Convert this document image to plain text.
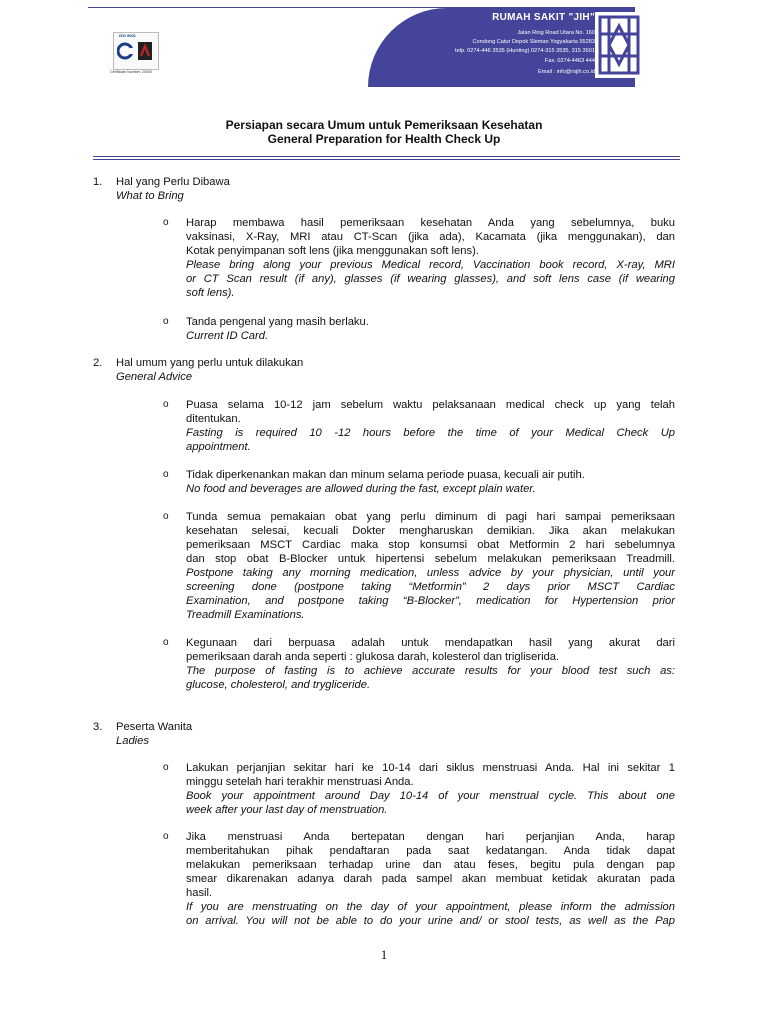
RUMAH SAKIT "JIH"
Jalan Ring Road Utara No. 160
Condong Catur Depok Sleman Yogyakarta 55283
telp. 0274-446 3535 (Hunting) 0274-315 3535, 315 3501
Fax. 0274-4463 444
Email : info@rsjih.co.id
ISO 9001
Certificate Number: 20000
Persiapan secara Umum untuk Pemeriksaan Kesehatan
General Preparation for Health Check Up
1. Hal yang Perlu Dibawa
What to Bring
o Harap membawa hasil pemeriksaan kesehatan Anda yang sebelumnya, buku
vaksinasi, X-Ray, MRI atau CT-Scan (jika ada), Kacamata (jika menggunakan), dan
Kotak penyimpanan soft lens (jika menggunakan soft lens).
Please bring along your previous Medical record, Vaccination book record, X-ray, MRI
or CT Scan result (if any), glasses (if wearing glasses), and soft lens case (if wearing
soft lens).
o Tanda pengenal yang masih berlaku.
Current ID Card.
2. Hal umum yang perlu untuk dilakukan
General Advice
o Puasa selama 10-12 jam sebelum waktu pelaksanaan medical check up yang telah
ditentukan.
Fasting is required 10 -12 hours before the time of your Medical Check Up
appointment.
o Tidak diperkenankan makan dan minum selama periode puasa, kecuali air putih.
No food and beverages are allowed during the fast, except plain water.
o Tunda semua pemakaian obat yang perlu diminum di pagi hari sampai pemeriksaan
kesehatan selesai, kecuali Dokter mengharuskan demikian. Jika akan melakukan
pemeriksaan MSCT Cardiac maka stop konsumsi obat Metformin 2 hari sebelumnya
dan stop obat B-Blocker untuk hipertensi sebelum melakukan pemeriksaan Treadmill.
Postpone taking any morning medication, unless advice by your physician, until your
screening done (postpone taking “Metformin” 2 days prior MSCT Cardiac
Examination, and postpone taking “B-Blocker”, medication for Hypertension prior
Treadmill Examinations.
o Kegunaan dari berpuasa adalah untuk mendapatkan hasil yang akurat dari
pemeriksaan darah anda seperti : glukosa darah, kolesterol dan trigliserida.
The purpose of fasting is to achieve accurate results for your blood test such as:
glucose, cholesterol, and trygliceride.
3. Peserta Wanita
Ladies
o Lakukan perjanjian sekitar hari ke 10-14 dari siklus menstruasi Anda. Hal ini sekitar 1
minggu setelah hari terakhir menstruasi Anda.
Book your appointment around Day 10-14 of your menstrual cycle. This about one
week after your last day of menstruation.
o Jika menstruasi Anda bertepatan dengan hari perjanjian Anda, harap
memberitahukan pihak pendaftaran pada saat kedatangan. Anda tidak dapat
melakukan pemeriksaan terhadap urine dan atau feses, begitu pula dengan pap
smear dikarenakan adanya darah pada sampel akan membuat ketidak akuratan pada
hasil.
If you are menstruating on the day of your appointment, please inform the admission
on arrival. You will not be able to do your urine and/ or stool tests, as well as the Pap
1
